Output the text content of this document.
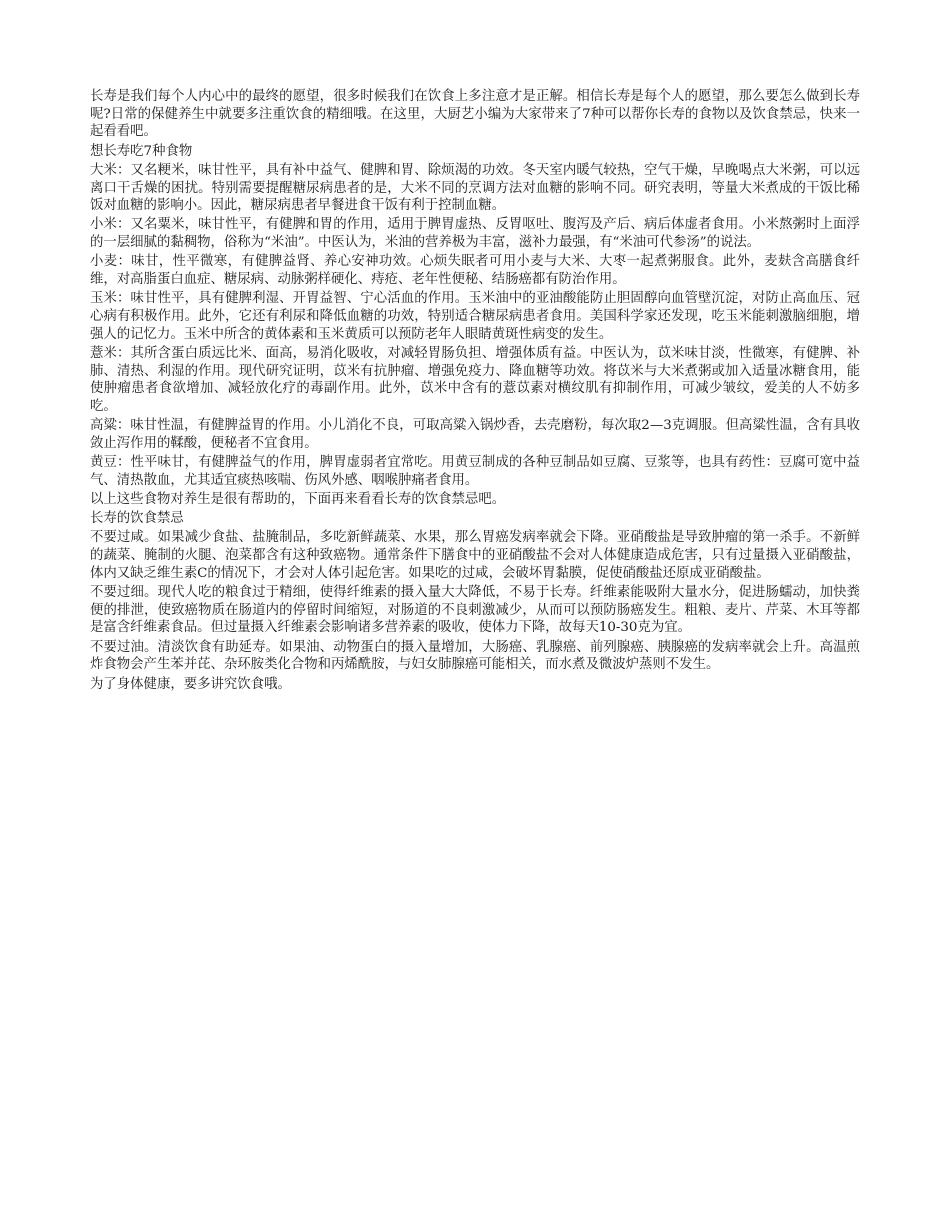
长寿是我们每个人内心中的最终的愿望，很多时候我们在饮食上多注意才是正解。相信长寿是每个人的愿望，那么要怎么做到长寿呢?日常的保健养生中就要多注重饮食的精细哦。在这里，大厨艺小编为大家带来了7种可以帮你长寿的食物以及饮食禁忌，快来一起看看吧。

想长寿吃7种食物

大米：又名粳米，味甘性平，具有补中益气、健脾和胃、除烦渴的功效。冬天室内暖气较热，空气干燥，早晚喝点大米粥，可以远离口干舌燥的困扰。特别需要提醒糖尿病患者的是，大米不同的烹调方法对血糖的影响不同。研究表明，等量大米煮成的干饭比稀饭对血糖的影响小。因此，糖尿病患者早餐进食干饭有利于控制血糖。

小米：又名粟米，味甘性平，有健脾和胃的作用，适用于脾胃虚热、反胃呕吐、腹泻及产后、病后体虚者食用。小米熬粥时上面浮的一层细腻的黏稠物，俗称为“米油”。中医认为，米油的营养极为丰富，滋补力最强，有“米油可代参汤”的说法。

小麦：味甘，性平微寒，有健脾益肾、养心安神功效。心烦失眠者可用小麦与大米、大枣一起煮粥服食。此外，麦麸含高膳食纤维，对高脂蛋白血症、糖尿病、动脉粥样硬化、痔疮、老年性便秘、结肠癌都有防治作用。

玉米：味甘性平，具有健脾利湿、开胃益智、宁心活血的作用。玉米油中的亚油酸能防止胆固醇向血管壁沉淀，对防止高血压、冠心病有积极作用。此外，它还有利尿和降低血糖的功效，特别适合糖尿病患者食用。美国科学家还发现，吃玉米能刺激脑细胞，增强人的记忆力。玉米中所含的黄体素和玉米黄质可以预防老年人眼睛黄斑性病变的发生。

薏米：其所含蛋白质远比米、面高，易消化吸收，对减轻胃肠负担、增强体质有益。中医认为，苡米味甘淡，性微寒，有健脾、补肺、清热、利湿的作用。现代研究证明，苡米有抗肿瘤、增强免疫力、降血糖等功效。将苡米与大米煮粥或加入适量冰糖食用，能使肿瘤患者食欲增加、减轻放化疗的毒副作用。此外，苡米中含有的薏苡素对横纹肌有抑制作用，可减少皱纹，爱美的人不妨多吃。

高粱：味甘性温，有健脾益胃的作用。小儿消化不良，可取高粱入锅炒香，去壳磨粉，每次取2—3克调服。但高粱性温，含有具收敛止泻作用的鞣酸，便秘者不宜食用。

黄豆：性平味甘，有健脾益气的作用，脾胃虚弱者宜常吃。用黄豆制成的各种豆制品如豆腐、豆浆等，也具有药性：豆腐可宽中益气、清热散血，尤其适宜痰热咳喘、伤风外感、咽喉肿痛者食用。

以上这些食物对养生是很有帮助的，下面再来看看长寿的饮食禁忌吧。

长寿的饮食禁忌

不要过咸。如果减少食盐、盐腌制品，多吃新鲜蔬菜、水果，那么胃癌发病率就会下降。亚硝酸盐是导致肿瘤的第一杀手。不新鲜的蔬菜、腌制的火腿、泡菜都含有这种致癌物。通常条件下膳食中的亚硝酸盐不会对人体健康造成危害，只有过量摄入亚硝酸盐，体内又缺乏维生素C的情况下，才会对人体引起危害。如果吃的过咸，会破坏胃黏膜，促使硝酸盐还原成亚硝酸盐。

不要过细。现代人吃的粮食过于精细，使得纤维素的摄入量大大降低，不易于长寿。纤维素能吸附大量水分，促进肠蠕动，加快粪便的排泄，使致癌物质在肠道内的停留时间缩短，对肠道的不良刺激减少，从而可以预防肠癌发生。粗粮、麦片、芹菜、木耳等都是富含纤维素食品。但过量摄入纤维素会影响诸多营养素的吸收，使体力下降，故每天10-30克为宜。

不要过油。清淡饮食有助延寿。如果油、动物蛋白的摄入量增加，大肠癌、乳腺癌、前列腺癌、胰腺癌的发病率就会上升。高温煎炸食物会产生苯并芘、杂环胺类化合物和丙烯酰胺，与妇女肺腺癌可能相关，而水煮及微波炉蒸则不发生。

为了身体健康，要多讲究饮食哦。
